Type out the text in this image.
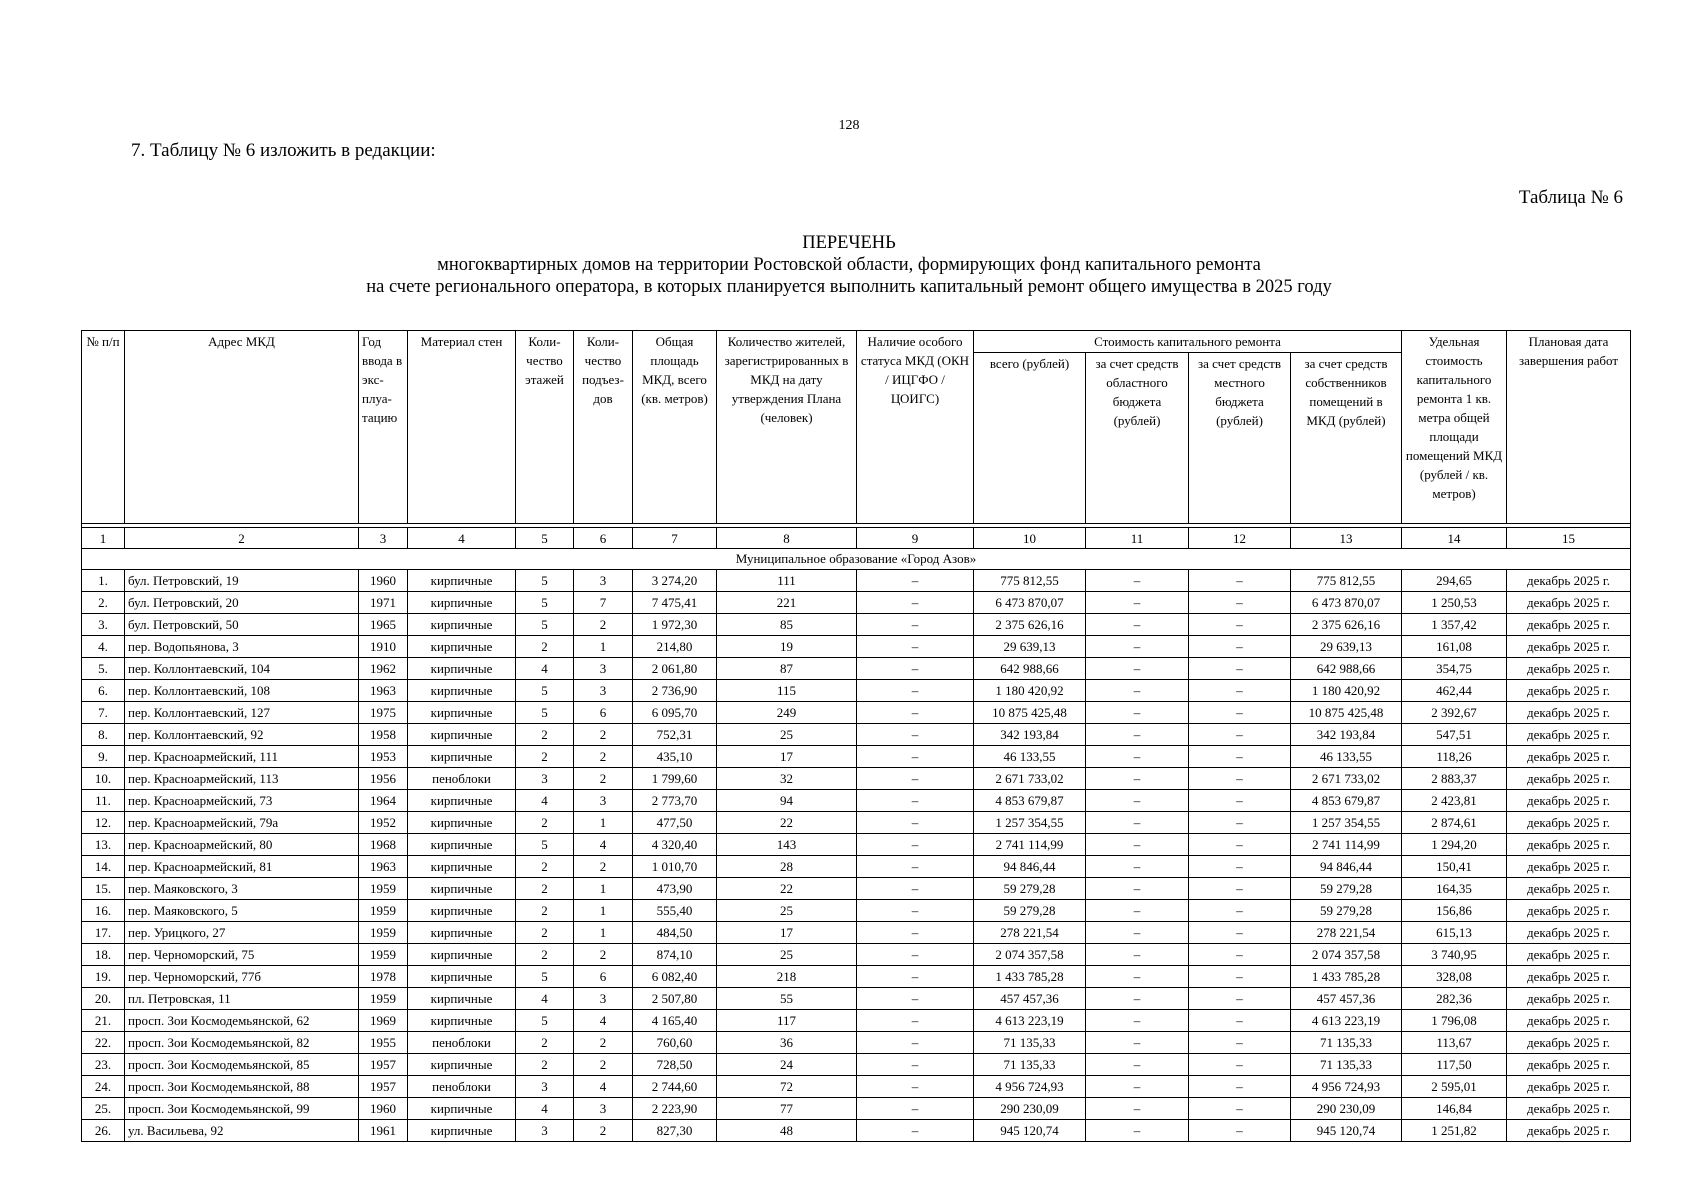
128
7. Таблицу № 6 изложить в редакции:
Таблица № 6
ПЕРЕЧЕНЬ
многоквартирных домов на территории Ростовской области, формирующих фонд капитального ремонта
на счете регионального оператора, в которых планируется выполнить капитальный ремонт общего имущества в 2025 году
№ п/п	Адрес МКД	Год ввода в эксплуатацию	Материал стен	Количество этажей	Количество подъездов	Общая площадь МКД, всего (кв. метров)	Количество жителей, зарегистрированных в МКД на дату утверждения Плана (человек)	Наличие особого статуса МКД (ОКН / ИЦГФО / ЦОИГС)	Стоимость капитального ремонта				Удельная стоимость капитального ремонта 1 кв. метра общей площади помещений МКД (рублей / кв. метров)	Плановая дата завершения работ
									всего (рублей)	за счет средств областного бюджета (рублей)	за счет средств местного бюджета (рублей)	за счет средств собственников помещений в МКД (рублей)		

1	2	3	4	5	6	7	8	9	10	11	12	13	14	15
Муниципальное образование «Город Азов»														
1.	бул. Петровский, 19	1960	кирпичные	5	3	3 274,20	111	–	775 812,55	–	–	775 812,55	294,65	декабрь 2025 г.
2.	бул. Петровский, 20	1971	кирпичные	5	7	7 475,41	221	–	6 473 870,07	–	–	6 473 870,07	1 250,53	декабрь 2025 г.
3.	бул. Петровский, 50	1965	кирпичные	5	2	1 972,30	85	–	2 375 626,16	–	–	2 375 626,16	1 357,42	декабрь 2025 г.
4.	пер. Водопьянова, 3	1910	кирпичные	2	1	214,80	19	–	29 639,13	–	–	29 639,13	161,08	декабрь 2025 г.
5.	пер. Коллонтаевский, 104	1962	кирпичные	4	3	2 061,80	87	–	642 988,66	–	–	642 988,66	354,75	декабрь 2025 г.
6.	пер. Коллонтаевский, 108	1963	кирпичные	5	3	2 736,90	115	–	1 180 420,92	–	–	1 180 420,92	462,44	декабрь 2025 г.
7.	пер. Коллонтаевский, 127	1975	кирпичные	5	6	6 095,70	249	–	10 875 425,48	–	–	10 875 425,48	2 392,67	декабрь 2025 г.
8.	пер. Коллонтаевский, 92	1958	кирпичные	2	2	752,31	25	–	342 193,84	–	–	342 193,84	547,51	декабрь 2025 г.
9.	пер. Красноармейский, 111	1953	кирпичные	2	2	435,10	17	–	46 133,55	–	–	46 133,55	118,26	декабрь 2025 г.
10.	пер. Красноармейский, 113	1956	пеноблоки	3	2	1 799,60	32	–	2 671 733,02	–	–	2 671 733,02	2 883,37	декабрь 2025 г.
11.	пер. Красноармейский, 73	1964	кирпичные	4	3	2 773,70	94	–	4 853 679,87	–	–	4 853 679,87	2 423,81	декабрь 2025 г.
12.	пер. Красноармейский, 79а	1952	кирпичные	2	1	477,50	22	–	1 257 354,55	–	–	1 257 354,55	2 874,61	декабрь 2025 г.
13.	пер. Красноармейский, 80	1968	кирпичные	5	4	4 320,40	143	–	2 741 114,99	–	–	2 741 114,99	1 294,20	декабрь 2025 г.
14.	пер. Красноармейский, 81	1963	кирпичные	2	2	1 010,70	28	–	94 846,44	–	–	94 846,44	150,41	декабрь 2025 г.
15.	пер. Маяковского, 3	1959	кирпичные	2	1	473,90	22	–	59 279,28	–	–	59 279,28	164,35	декабрь 2025 г.
16.	пер. Маяковского, 5	1959	кирпичные	2	1	555,40	25	–	59 279,28	–	–	59 279,28	156,86	декабрь 2025 г.
17.	пер. Урицкого, 27	1959	кирпичные	2	1	484,50	17	–	278 221,54	–	–	278 221,54	615,13	декабрь 2025 г.
18.	пер. Черноморский, 75	1959	кирпичные	2	2	874,10	25	–	2 074 357,58	–	–	2 074 357,58	3 740,95	декабрь 2025 г.
19.	пер. Черноморский, 77б	1978	кирпичные	5	6	6 082,40	218	–	1 433 785,28	–	–	1 433 785,28	328,08	декабрь 2025 г.
20.	пл. Петровская, 11	1959	кирпичные	4	3	2 507,80	55	–	457 457,36	–	–	457 457,36	282,36	декабрь 2025 г.
21.	просп. Зои Космодемьянской, 62	1969	кирпичные	5	4	4 165,40	117	–	4 613 223,19	–	–	4 613 223,19	1 796,08	декабрь 2025 г.
22.	просп. Зои Космодемьянской, 82	1955	пеноблоки	2	2	760,60	36	–	71 135,33	–	–	71 135,33	113,67	декабрь 2025 г.
23.	просп. Зои Космодемьянской, 85	1957	кирпичные	2	2	728,50	24	–	71 135,33	–	–	71 135,33	117,50	декабрь 2025 г.
24.	просп. Зои Космодемьянской, 88	1957	пеноблоки	3	4	2 744,60	72	–	4 956 724,93	–	–	4 956 724,93	2 595,01	декабрь 2025 г.
25.	просп. Зои Космодемьянской, 99	1960	кирпичные	4	3	2 223,90	77	–	290 230,09	–	–	290 230,09	146,84	декабрь 2025 г.
26.	ул. Васильева, 92	1961	кирпичные	3	2	827,30	48	–	945 120,74	–	–	945 120,74	1 251,82	декабрь 2025 г.
